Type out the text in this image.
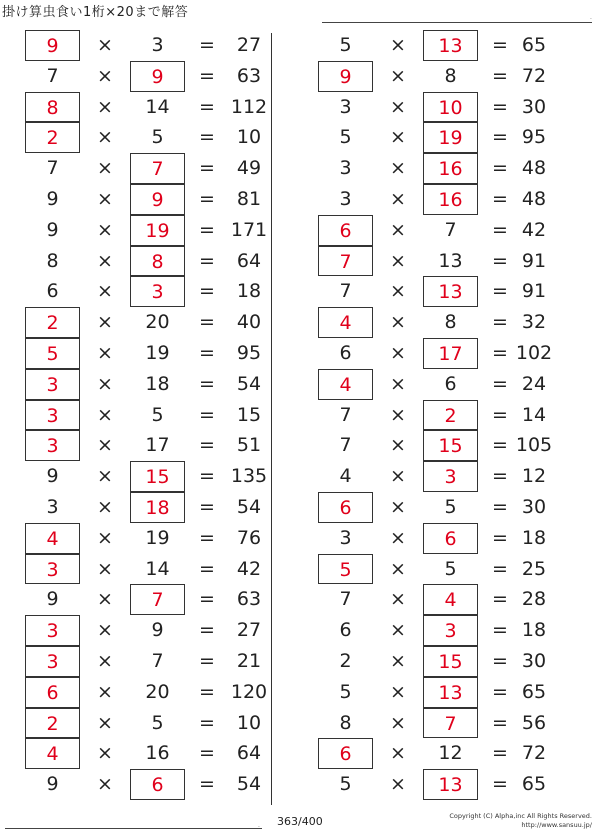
掛け算虫食い1桁×20まで解答	.
9	×	3	=	27
7	×	9	=	63
8	×	14	= 112
2	×	5	=	10
7	×	7	=	49
9	×	9	=	81
9	×	19	= 171
8	×	8	=	64
6	×	3	=	18
2	×	20	=	40
5	×	19	=	95
3	×	18	=	54
3	×	5	=	15
3	×	17	=	51
9	×	15	= 135
3	×	18	=	54
4	×	19	=	76
3	×	14	=	42
9	×	7	=	63
3	×	9	=	27
3	×	7	=	21
6	×	20	= 120
2	×	5	=	10
4	×	16	=	64
9	×	6	=	54
5	×	13	= 65
9	×	8	= 72
3	×	10	= 30
5	×	19	= 95
3	×	16	= 48
3	×	16	= 48
6	×	7	= 42
7	×	13	= 91
7	×	13	= 91
4	×	8	= 32
6	×	17	= 102
4	×	6	= 24
7	×	2	= 14
7	×	15	= 105
4	×	3	= 12
6	×	5	= 30
3	×	6	= 18
5	×	5	= 25
7	×	4	= 28
6	×	3	= 18
2	×	15	= 30
5	×	13	= 65
8	×	7	= 56
6	×	12	= 72
5	×	13	= 65
. 363/400	Copyright (C) Alpha,inc All Rights Reserved.
http://www.sansuu.jp/
